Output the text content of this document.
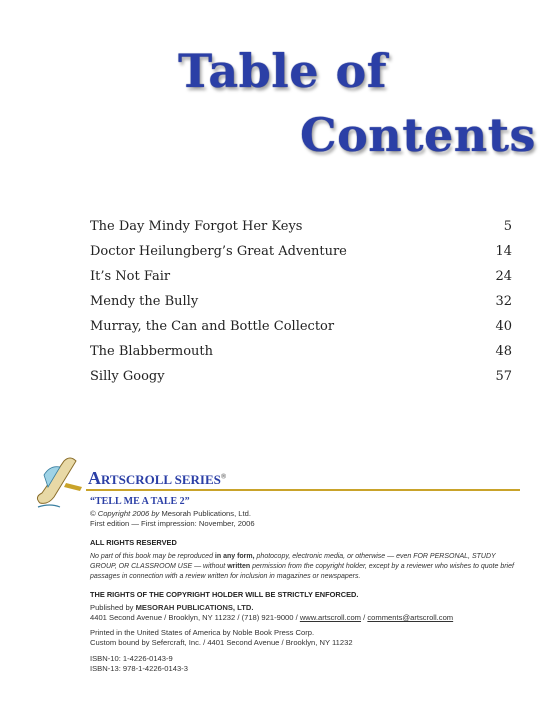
Table of
Contents
The Day Mindy Forgot Her Keys	5
Doctor Heilungberg’s Great Adventure	14
It’s Not Fair	24
Mendy the Bully	32
Murray, the Can and Bottle Collector	40
The Blabbermouth	48
Silly Googy	57
ARTSCROLL SERIES®
“TELL ME A TALE 2”
© Copyright 2006 by Mesorah Publications, Ltd.
First edition — First impression: November, 2006
ALL RIGHTS RESERVED
No part of this book may be reproduced in any form, photocopy, electronic media, or otherwise — even FOR PERSONAL, STUDY GROUP, OR CLASSROOM USE — without written permission from the copyright holder, except by a reviewer who wishes to quote brief passages in connection with a review written for inclusion in magazines or newspapers.
THE RIGHTS OF THE COPYRIGHT HOLDER WILL BE STRICTLY ENFORCED.
Published by MESORAH PUBLICATIONS, LTD.
4401 Second Avenue / Brooklyn, NY 11232 / (718) 921-9000 / www.artscroll.com / comments@artscroll.com
Printed in the United States of America by Noble Book Press Corp.
Custom bound by Sefercraft, Inc. / 4401 Second Avenue / Brooklyn, NY 11232
ISBN-10: 1-4226-0143-9
ISBN-13: 978-1-4226-0143-3
